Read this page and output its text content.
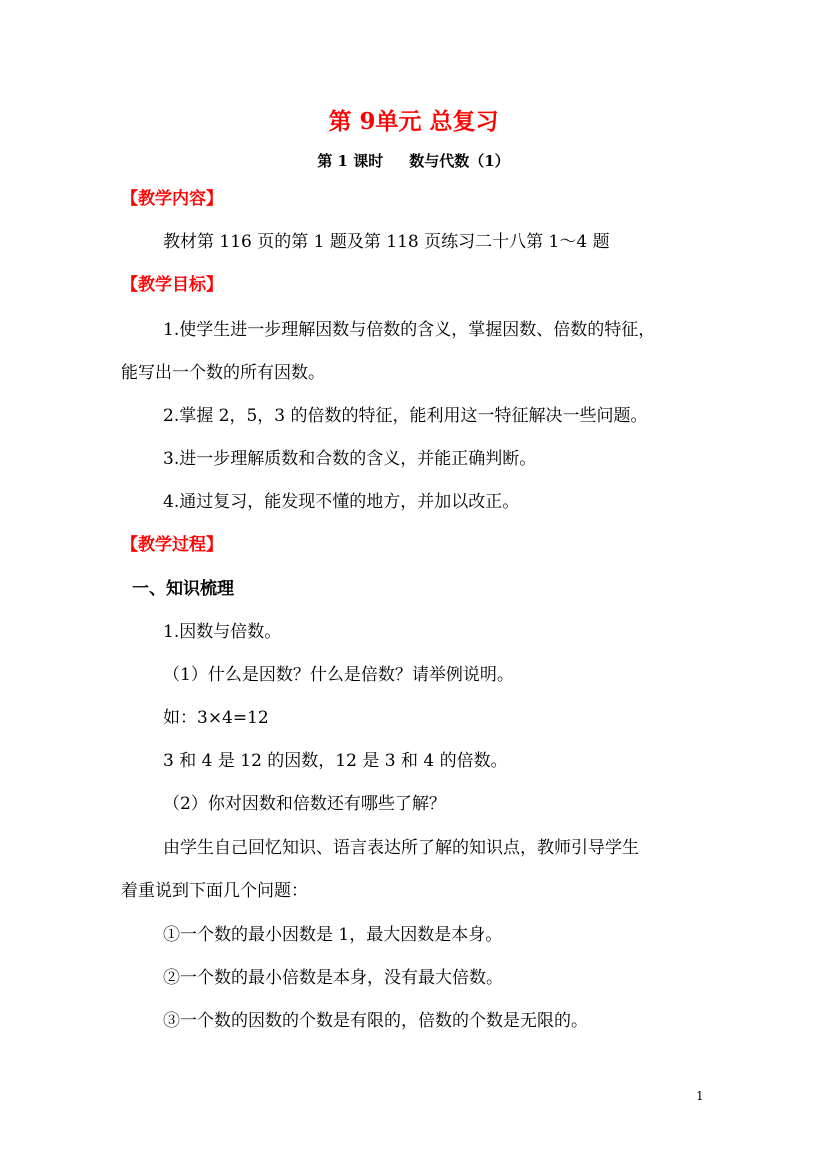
第 9单元 总复习
第 1 课时 数与代数（1）
【教学内容】
教材第 116 页的第 1 题及第 118 页练习二十八第 1～4 题
【教学目标】
1.使学生进一步理解因数与倍数的含义，掌握因数、倍数的特征，
能写出一个数的所有因数。
2.掌握 2，5，3 的倍数的特征，能利用这一特征解决一些问题。
3.进一步理解质数和合数的含义，并能正确判断。
4.通过复习，能发现不懂的地方，并加以改正。
【教学过程】
一、知识梳理
1.因数与倍数。
（1）什么是因数？什么是倍数？请举例说明。
如：3×4=12
3 和 4 是 12 的因数，12 是 3 和 4 的倍数。
（2）你对因数和倍数还有哪些了解？
由学生自己回忆知识、语言表达所了解的知识点，教师引导学生
着重说到下面几个问题：
①一个数的最小因数是 1，最大因数是本身。
②一个数的最小倍数是本身，没有最大倍数。
③一个数的因数的个数是有限的，倍数的个数是无限的。
1
